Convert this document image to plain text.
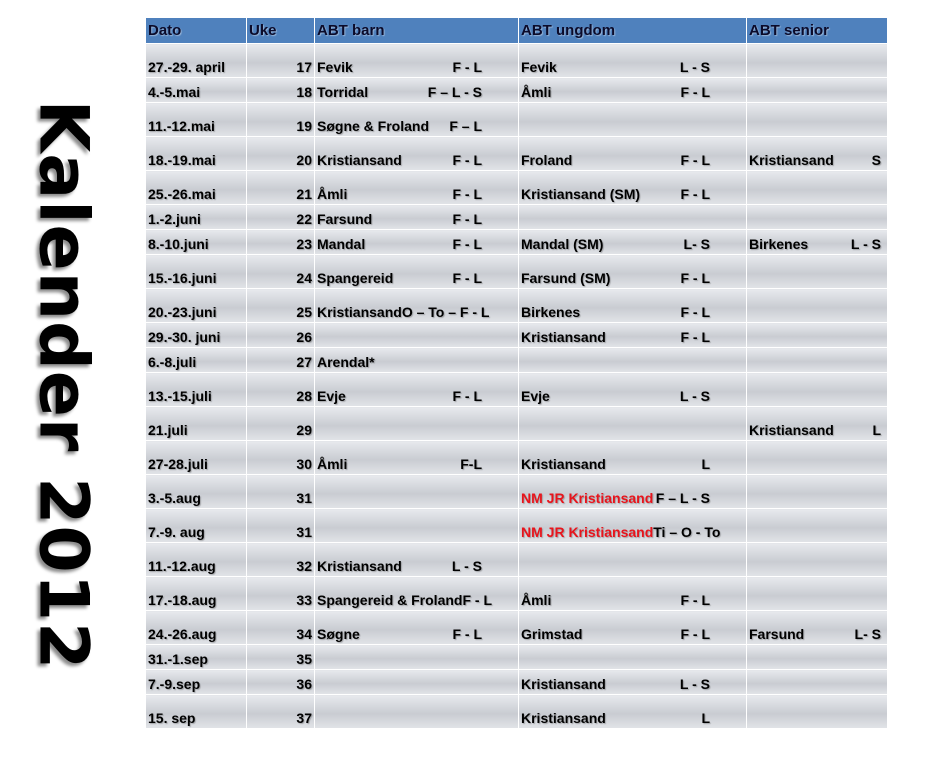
Kalender 2012
Dato	Uke	ABT barn	ABT ungdom	ABT senior
27.-29. april	17	Fevik F - L	Fevik L - S	

4.-5.mai	18	Torridal F – L - S	Åmli F - L	

11.-12.mai	19	Søgne & Froland F – L		

18.-19.mai	20	Kristiansand F - L	Froland F - L	Kristiansand S

25.-26.mai	21	Åmli F - L	Kristiansand (SM) F - L	

1.-2.juni	22	Farsund F - L		

8.-10.juni	23	Mandal F - L	Mandal (SM) L- S	Birkenes L - S

15.-16.juni	24	Spangereid F - L	Farsund (SM) F - L	

20.-23.juni	25	Kristiansand O – To – F - L	Birkenes F - L	

29.-30. juni	26		Kristiansand F - L	

6.-8.juli	27	Arendal*		

13.-15.juli	28	Evje F - L	Evje L - S	

21.juli	29			Kristiansand L

27-28.juli	30	Åmli F-L	Kristiansand L	

3.-5.aug	31		NM JR Kristiansand F – L - S	

7.-9. aug	31		NM JR Kristiansand Ti – O - To	

11.-12.aug	32	Kristiansand L - S		

17.-18.aug	33	Spangereid & Froland F - L	Åmli F - L	

24.-26.aug	34	Søgne F - L	Grimstad F - L	Farsund L- S

31.-1.sep	35	

7.-9.sep	36		Kristiansand L - S	

15. sep	37		Kristiansand L	
